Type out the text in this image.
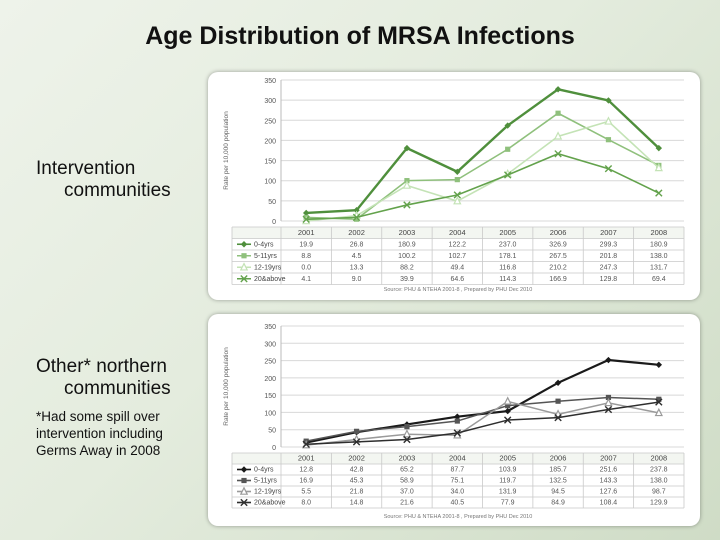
Age Distribution of MRSA Infections
Intervention
communities
Other* northern
communities
*Had some spill over intervention including Germs Away in 2008
0
50
100
150
200
250
300
350
Rate per 10,000 population
2001	2002	2003	2004	2005	2006	2007	2008
0-4yrs	19.9	26.8	180.9	122.2	237.0	326.9	299.3	180.9
5-11yrs	8.8	4.5	100.2	102.7	178.1	267.5	201.8	138.0
12-19yrs	0.0	13.3	88.2	49.4	116.8	210.2	247.3	131.7
20&above 4.1	9.0	39.9	64.6	114.3	166.9	129.8	69.4
Source: PHU & NTEHA 2001-8 , Prepared by PHU Dec 2010
0
50
100
150
200
250
300
350
Rate per 10,000 population
2001	2002	2003	2004	2005	2006	2007	2008
0-4yrs	12.8	42.8	65.2	87.7	103.9	185.7	251.6	237.8
5-11yrs	16.9	45.3	58.9	75.1	119.7	132.5	143.3	138.0
12-19yrs	5.5	21.8	37.0	34.0	131.9	94.5	127.6	98.7
20&above 8.0	14.8	21.6	40.5	77.9	84.9	108.4	129.9
Source: PHU & NTEHA 2001-8 , Prepared by PHU Dec 2010
